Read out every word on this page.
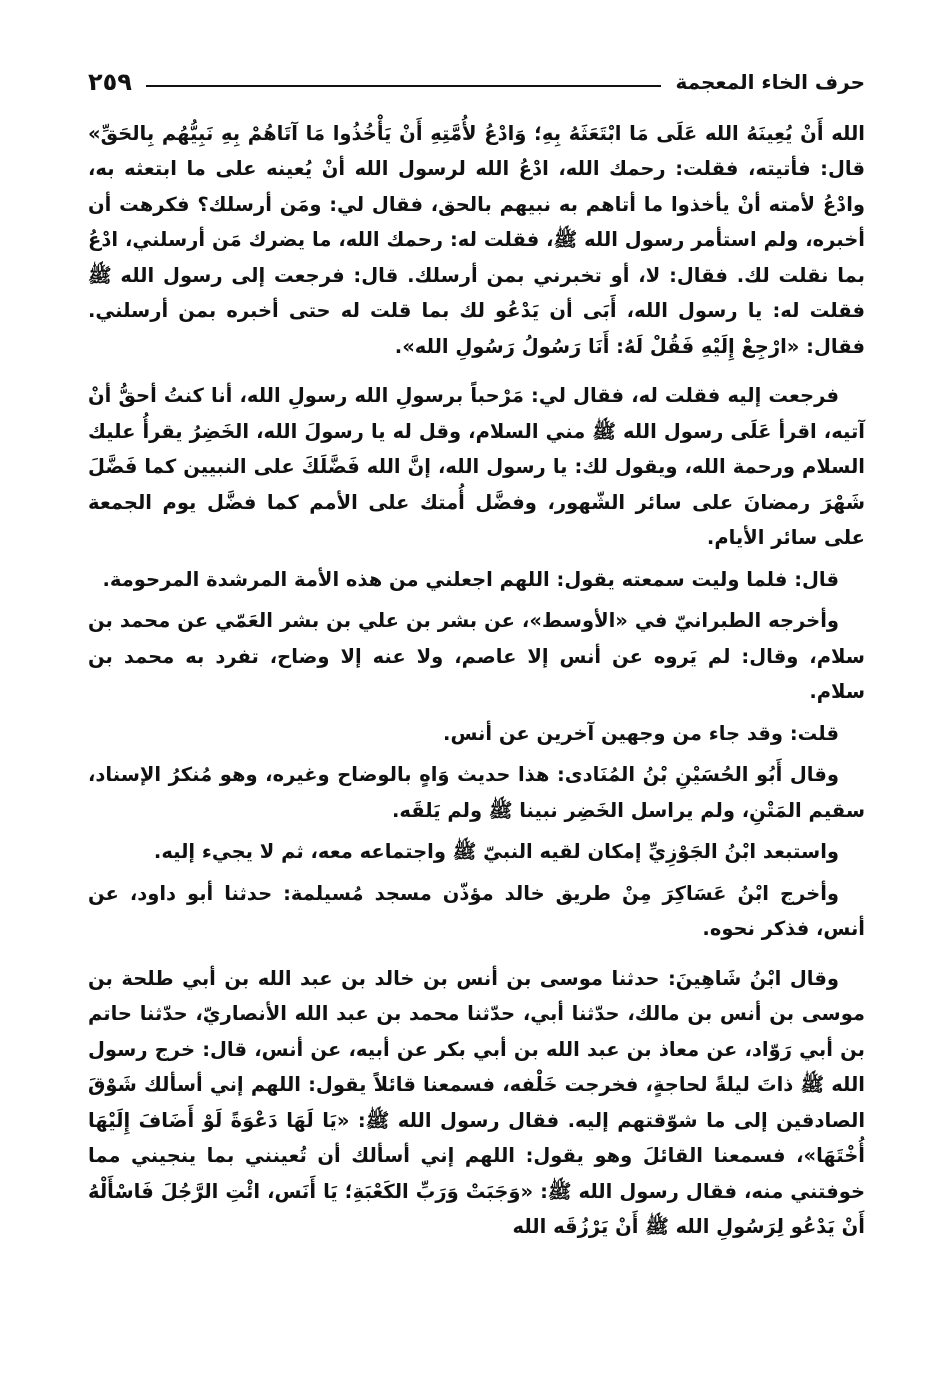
حرف الخاء المعجمة
٢٥٩

الله أَنْ يُعِينَهُ الله عَلَى مَا ابْتَعَثَهُ بِهِ؛ وَادْعُ لأُمَّتِهِ أَنْ يَأْخُذُوا مَا آتَاهُمْ بِهِ نَبِيُّهُم بِالحَقِّ» قال: فأتيته، فقلت: رحمك الله، ادْعُ الله لرسول الله أنْ يُعينه على ما ابتعثه به، وادْعُ لأمته أنْ يأخذوا ما أتاهم به نبيهم بالحق، فقال لي: ومَن أرسلك؟ فكرهت أن أخبره، ولم استأمر رسول الله ﷺ، فقلت له: رحمك الله، ما يضرك مَن أرسلني، ادْعُ بما نقلت لك. فقال: لا، أو تخبرني بمن أرسلك. قال: فرجعت إلى رسول الله ﷺ فقلت له: يا رسول الله، أَبَى أن يَدْعُو لك بما قلت له حتى أخبره بمن أرسلني. فقال: «ارْجِعْ إِلَيْهِ فَقُلْ لَهُ: أَنَا رَسُولُ رَسُولِ الله».

فرجعت إليه فقلت له، فقال لي: مَرْحباً برسولِ الله رسولِ الله، أنا كنتُ أحقُّ أنْ آتيه، اقرأ عَلَى رسول الله ﷺ مني السلام، وقل له يا رسولَ الله، الخَضِرُ يقرأُ عليك السلام ورحمة الله، ويقول لك: يا رسول الله، إنَّ الله فَضَّلَكَ على النبيين كما فَضَّلَ شَهْرَ رمضانَ على سائر الشّهور، وفضَّل أُمتك على الأمم كما فضَّل يوم الجمعة على سائر الأيام.

قال: فلما وليت سمعته يقول: اللهم اجعلني من هذه الأمة المرشدة المرحومة.

وأخرجه الطبرانيّ في «الأوسط»، عن بشر بن علي بن بشر العَمّي عن محمد بن سلام، وقال: لم يَروه عن أنس إلا عاصم، ولا عنه إلا وضاح، تفرد به محمد بن سلام.

قلت: وقد جاء من وجهين آخرين عن أنس.

وقال أَبُو الحُسَيْنِ بْنُ المُنَادى: هذا حديث وَاهٍ بالوضاح وغيره، وهو مُنكرُ الإسناد، سقيم المَتْنِ، ولم يراسل الخَضِر نبينا ﷺ ولم يَلقَه.

واستبعد ابْنُ الجَوْزِيِّ إمكان لقيه النبيّ ﷺ واجتماعه معه، ثم لا يجيء إليه.

وأخرج ابْنُ عَسَاكِرَ مِنْ طريق خالد مؤذّن مسجد مُسيلمة: حدثنا أبو داود، عن أنس، فذكر نحوه.

وقال ابْنُ شَاهِينَ: حدثنا موسى بن أنس بن خالد بن عبد الله بن أبي طلحة بن موسى بن أنس بن مالك، حدّثنا أبي، حدّثنا محمد بن عبد الله الأنصاريّ، حدّثنا حاتم بن أبي رَوّاد، عن معاذ بن عبد الله بن أبي بكر عن أبيه، عن أنس، قال: خرج رسول الله ﷺ ذاتَ ليلةً لحاجةٍ، فخرجت خَلْفه، فسمعنا قائلاً يقول: اللهم إني أسألك شَوْقَ الصادقين إلى ما شوّقتهم إليه. فقال رسول الله ﷺ: «يَا لَهَا دَعْوَةً لَوْ أَضَافَ إِلَيْهَا أُخْتَهَا»، فسمعنا القائلَ وهو يقول: اللهم إني أسألك أن تُعينني بما ينجيني مما خوفتني منه، فقال رسول الله ﷺ: «وَجَبَتْ وَرَبِّ الكَعْبَةِ؛ يَا أَنَس، ائْتِ الرَّجُلَ فَاسْأَلْهُ أَنْ يَدْعُو لِرَسُولِ الله ﷺ أَنْ يَرْزُقَه الله
